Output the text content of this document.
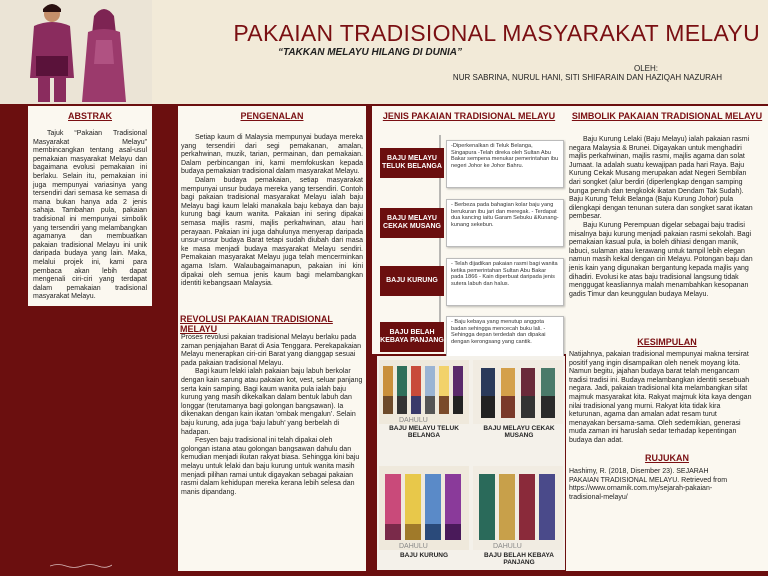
PAKAIAN TRADISIONAL MASYARAKAT MELAYU
“TAKKAN MELAYU HILANG DI DUNIA”
OLEH:
NUR SABRINA, NURUL HANI, SITI SHIFARAIN DAN HAZIQAH NAZURAH
ABSTRAK
Tajuk “Pakaian Tradisional Masyarakat Melayu” membincangkan tentang asal-usul pemakaian masyarakat Melayu dan bagaimana evolusi pemakaian ini berlaku. Selain itu, pemakaian ini juga mempunyai variasinya yang tersendiri dari semasa ke semasa di mana bukan hanya ada 2 jenis sahaja. Tambahan pula, pakaian tradisional ini mempunyai simbolik yang tersendiri yang melambangkan agamanya dan membuatkan pakaian tradisional Melayu ini unik daripada budaya yang lain. Maka, melalui projek ini, kami para pembaca akan lebih dapat mengenali ciri-ciri yang terdapat dalam pemakaian tradisional masyarakat Melayu.
PENGENALAN

Setiap kaum di Malaysia mempunyai budaya mereka yang tersendiri dari segi pemakanan, amalan, perkahwinan, muzik, tarian, permainan, dan pemakaian. Dalam perbincangan ini, kami memfokuskan kepada budaya pemakaian tradisional dalam masyarakat Melayu.

Dalam budaya pemakaian, setiap masyarakat mempunyai unsur budaya mereka yang tersendiri. Contoh bagi pakaian tradisional masyarakat Melayu ialah baju Melayu bagi kaum lelaki manakala baju kebaya dan baju kurung bagi kaum wanita. Pakaian ini sering dipakai semasa majlis rasmi, majlis perkahwinan, atau hari perayaan. Pakaian ini juga dahulunya menyerap daripada unsur-unsur budaya Barat tetapi sudah diubah dari masa ke masa menjadi budaya masyarakat Melayu sendiri. Pemakaian masyarakat Melayu juga telah mencerminkan agama Islam. Walaubagaimanapun, pakaian ini kini dipakai oleh semua jenis kaum bagi melambangkan identiti kebangsaan Malaysia.

REVOLUSI PAKAIAN TRADISIONAL MELAYU

Proses revolusi pakaian tradisional Melayu berlaku pada zaman penjajahan Barat di Asia Tenggara. Perekapakaian Melayu menerapkan ciri-ciri Barat yang dianggap sesuai pada pakaian tradisional Melayu.

Bagi kaum lelaki ialah pakaian baju labuh berkolar dengan kain sarung atau pakaian kot, vest, seluar panjang serta kain samping. Bagi kaum wanita pula ialah baju kurung yang masih dikekalkan dalam bentuk labuh dan longgar (terutamanya bagi golongan bangsawan). Ia dikenakan dengan kain ikatan ‘ombak mengalun’. Selain baju kurung, ada juga ‘baju labuh’ yang berbelah di hadapan.

Fesyen baju tradisional ini telah dipakai oleh golongan istana atau golongan bangsawan dahulu dan kemudian menjadi ikutan rakyat biasa. Sehingga kini baju melayu untuk lelaki dan baju kurung untuk wanita masih menjadi pilihan ramai untuk digayakan sebagai pakaian rasmi dalam kehidupan mereka kerana lebih selesa dan manis dipandang.

JENIS PAKAIAN TRADISIONAL MELAYU
BAJU MELAYU TELUK BELANGA
-Diperkenalkan di Teluk Belanga, Singapura -Telah direka oleh Sultan Abu Bakar sempena menukar pemerintahan ibu negeri Johor ke Johor Bahru.
BAJU MELAYU CEKAK MUSANG
- Berbeza pada bahagian kolar baju yang berukuran ibu jari dan meregak. - Terdapat dua kancing iaitu Garam Sebuku &Kunang-kunang sekebun.
BAJU KURUNG
- Telah dijadikan pakaian rasmi bagi wanita ketika pemerintahan Sultan Abu Bakar pada 1866 - Kain diperbuat daripada jenis sutera labuh dan halus.
BAJU BELAH KEBAYA PANJANG
- Baju kebaya yang menutup anggota badan sehingga mencecah buku lali. - Sehingga depan terdedah dan dipakai dengan kerongsang yang cantik.
DAHULU
BAJU MELAYU TELUK BELANGA
BAJU MELAYU CEKAK MUSANG
DAHULU	DAHULU
BAJU KURUNG	BAJU BELAH KEBAYA PANJANG
SIMBOLIK PAKAIAN TRADISIONAL MELAYU

Baju Kurung Lelaki (Baju Melayu) ialah pakaian rasmi negara Malaysia & Brunei. Digayakan untuk menghadiri majlis perkahwinan, majlis rasmi, majlis agama dan solat Jumaat. Ia adalah suatu kewajipan pada hari Raya. Baju Kurung Cekak Musang merupakan adat Negeri Sembilan dari songket (alur berdiri (diperlengkap dengan samping bunga penuh dan tengkolok ikatan Dendam Tak Sudah). Baju Kurung Teluk Belanga (Baju Kurung Johor) pula dilengkapi dengan tenunan sutera dan songket sarat ikatan pembesar.

Baju Kurung Perempuan digelar sebagai baju tradisi misalnya baju kurung menjadi pakaian rasmi sekolah. Bagi pemakaian kasual pula, ia boleh dihiasi dengan manik, labuci, sulaman atau kerawang untuk tampil lebih elegan namun masih kekal dengan ciri Melayu. Potongan baju dan jenis kain yang digunakan bergantung kepada majlis yang dihadiri. Evolusi ke atas baju tradisional langsung tidak menggugat keasliannya malah menambahkan kesopanan gadis Timur dan keunggulan budaya Melayu.

KESIMPULAN
Natijahnya, pakaian tradisional mempunyai makna tersirat positif yang ingin disampaikan oleh nenek moyang kita. Namun begitu, jajahan budaya barat telah mengancam tradisi tradisi ini. Budaya melambangkan identiti sesebuah negara. Jadi, pakaian tradisional kita melambangkan sifat majmuk masyarakat kita. Rakyat majmuk kita kaya dengan nilai tradisional yang murni. Rakyat kita tidak kira keturunan, agama dan amalan adat resam turut menayakan bersama-sama. Oleh sedemikian, generasi muda zaman ini haruslah sedar terhadap kepentingan budaya dan adat.
RUJUKAN
Hashimy, R. (2018, Disember 23). SEJARAH PAKAIAN TRADISIONAL MELAYU. Retrieved from https://www.ornamik.com.my/sejarah-pakaian-tradisional-melayu/
